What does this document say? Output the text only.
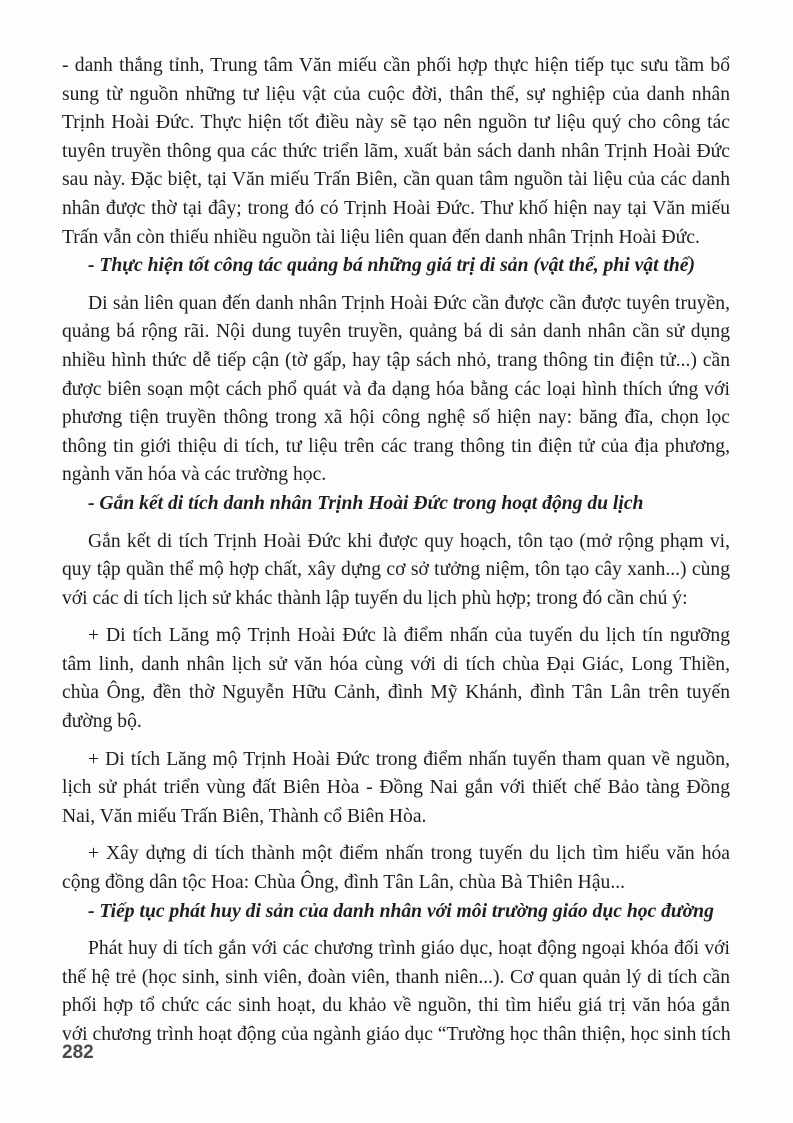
- danh thắng tỉnh, Trung tâm Văn miếu cần phối hợp thực hiện tiếp tục sưu tầm bổ
sung từ nguồn những tư liệu vật của cuộc đời, thân thế, sự nghiệp của danh nhân
Trịnh Hoài Đức. Thực hiện tốt điều này sẽ tạo nên nguồn tư liệu quý cho công tác
tuyên truyền thông qua các thức triển lãm, xuất bản sách danh nhân Trịnh Hoài Đức
sau này. Đặc biệt, tại Văn miếu Trấn Biên, cần quan tâm nguồn tài liệu của các danh
nhân được thờ tại đây; trong đó có Trịnh Hoài Đức. Thư khố hiện nay tại Văn miếu
Trấn vẫn còn thiếu nhiều nguồn tài liệu liên quan đến danh nhân Trịnh Hoài Đức.

- Thực hiện tốt công tác quảng bá những giá trị di sản (vật thể, phi vật thể)

Di sản liên quan đến danh nhân Trịnh Hoài Đức cần được cần được tuyên truyền,
quảng bá rộng rãi. Nội dung tuyên truyền, quảng bá di sản danh nhân cần sử dụng
nhiều hình thức dễ tiếp cận (tờ gấp, hay tập sách nhỏ, trang thông tin điện tử...) cần
được biên soạn một cách phổ quát và đa dạng hóa bằng các loại hình thích ứng với
phương tiện truyền thông trong xã hội công nghệ số hiện nay: băng đĩa, chọn lọc
thông tin giới thiệu di tích, tư liệu trên các trang thông tin điện tử của địa phương,
ngành văn hóa và các trường học.

- Gắn kết di tích danh nhân Trịnh Hoài Đức trong hoạt động du lịch

Gắn kết di tích Trịnh Hoài Đức khi được quy hoạch, tôn tạo (mở rộng phạm vi,
quy tập quần thể mộ hợp chất, xây dựng cơ sở tưởng niệm, tôn tạo cây xanh...) cùng
với các di tích lịch sử khác thành lập tuyến du lịch phù hợp; trong đó cần chú ý:

+ Di tích Lăng mộ Trịnh Hoài Đức là điểm nhấn của tuyến du lịch tín ngưỡng
tâm linh, danh nhân lịch sử văn hóa cùng với di tích chùa Đại Giác, Long Thiền,
chùa Ông, đền thờ Nguyễn Hữu Cảnh, đình Mỹ Khánh, đình Tân Lân trên tuyến
đường bộ.

+ Di tích Lăng mộ Trịnh Hoài Đức trong điểm nhấn tuyến tham quan về nguồn,
lịch sử phát triển vùng đất Biên Hòa - Đồng Nai gắn với thiết chế Bảo tàng Đồng
Nai, Văn miếu Trấn Biên, Thành cổ Biên Hòa.

+ Xây dựng di tích thành một điểm nhấn trong tuyến du lịch tìm hiểu văn hóa
cộng đồng dân tộc Hoa: Chùa Ông, đình Tân Lân, chùa Bà Thiên Hậu...

- Tiếp tục phát huy di sản của danh nhân với môi trường giáo dục học đường

Phát huy di tích gắn với các chương trình giáo dục, hoạt động ngoại khóa đối với
thế hệ trẻ (học sinh, sinh viên, đoàn viên, thanh niên...). Cơ quan quản lý di tích cần
phối hợp tổ chức các sinh hoạt, du khảo về nguồn, thi tìm hiểu giá trị văn hóa gắn
với chương trình hoạt động của ngành giáo dục “Trường học thân thiện, học sinh tích

282
